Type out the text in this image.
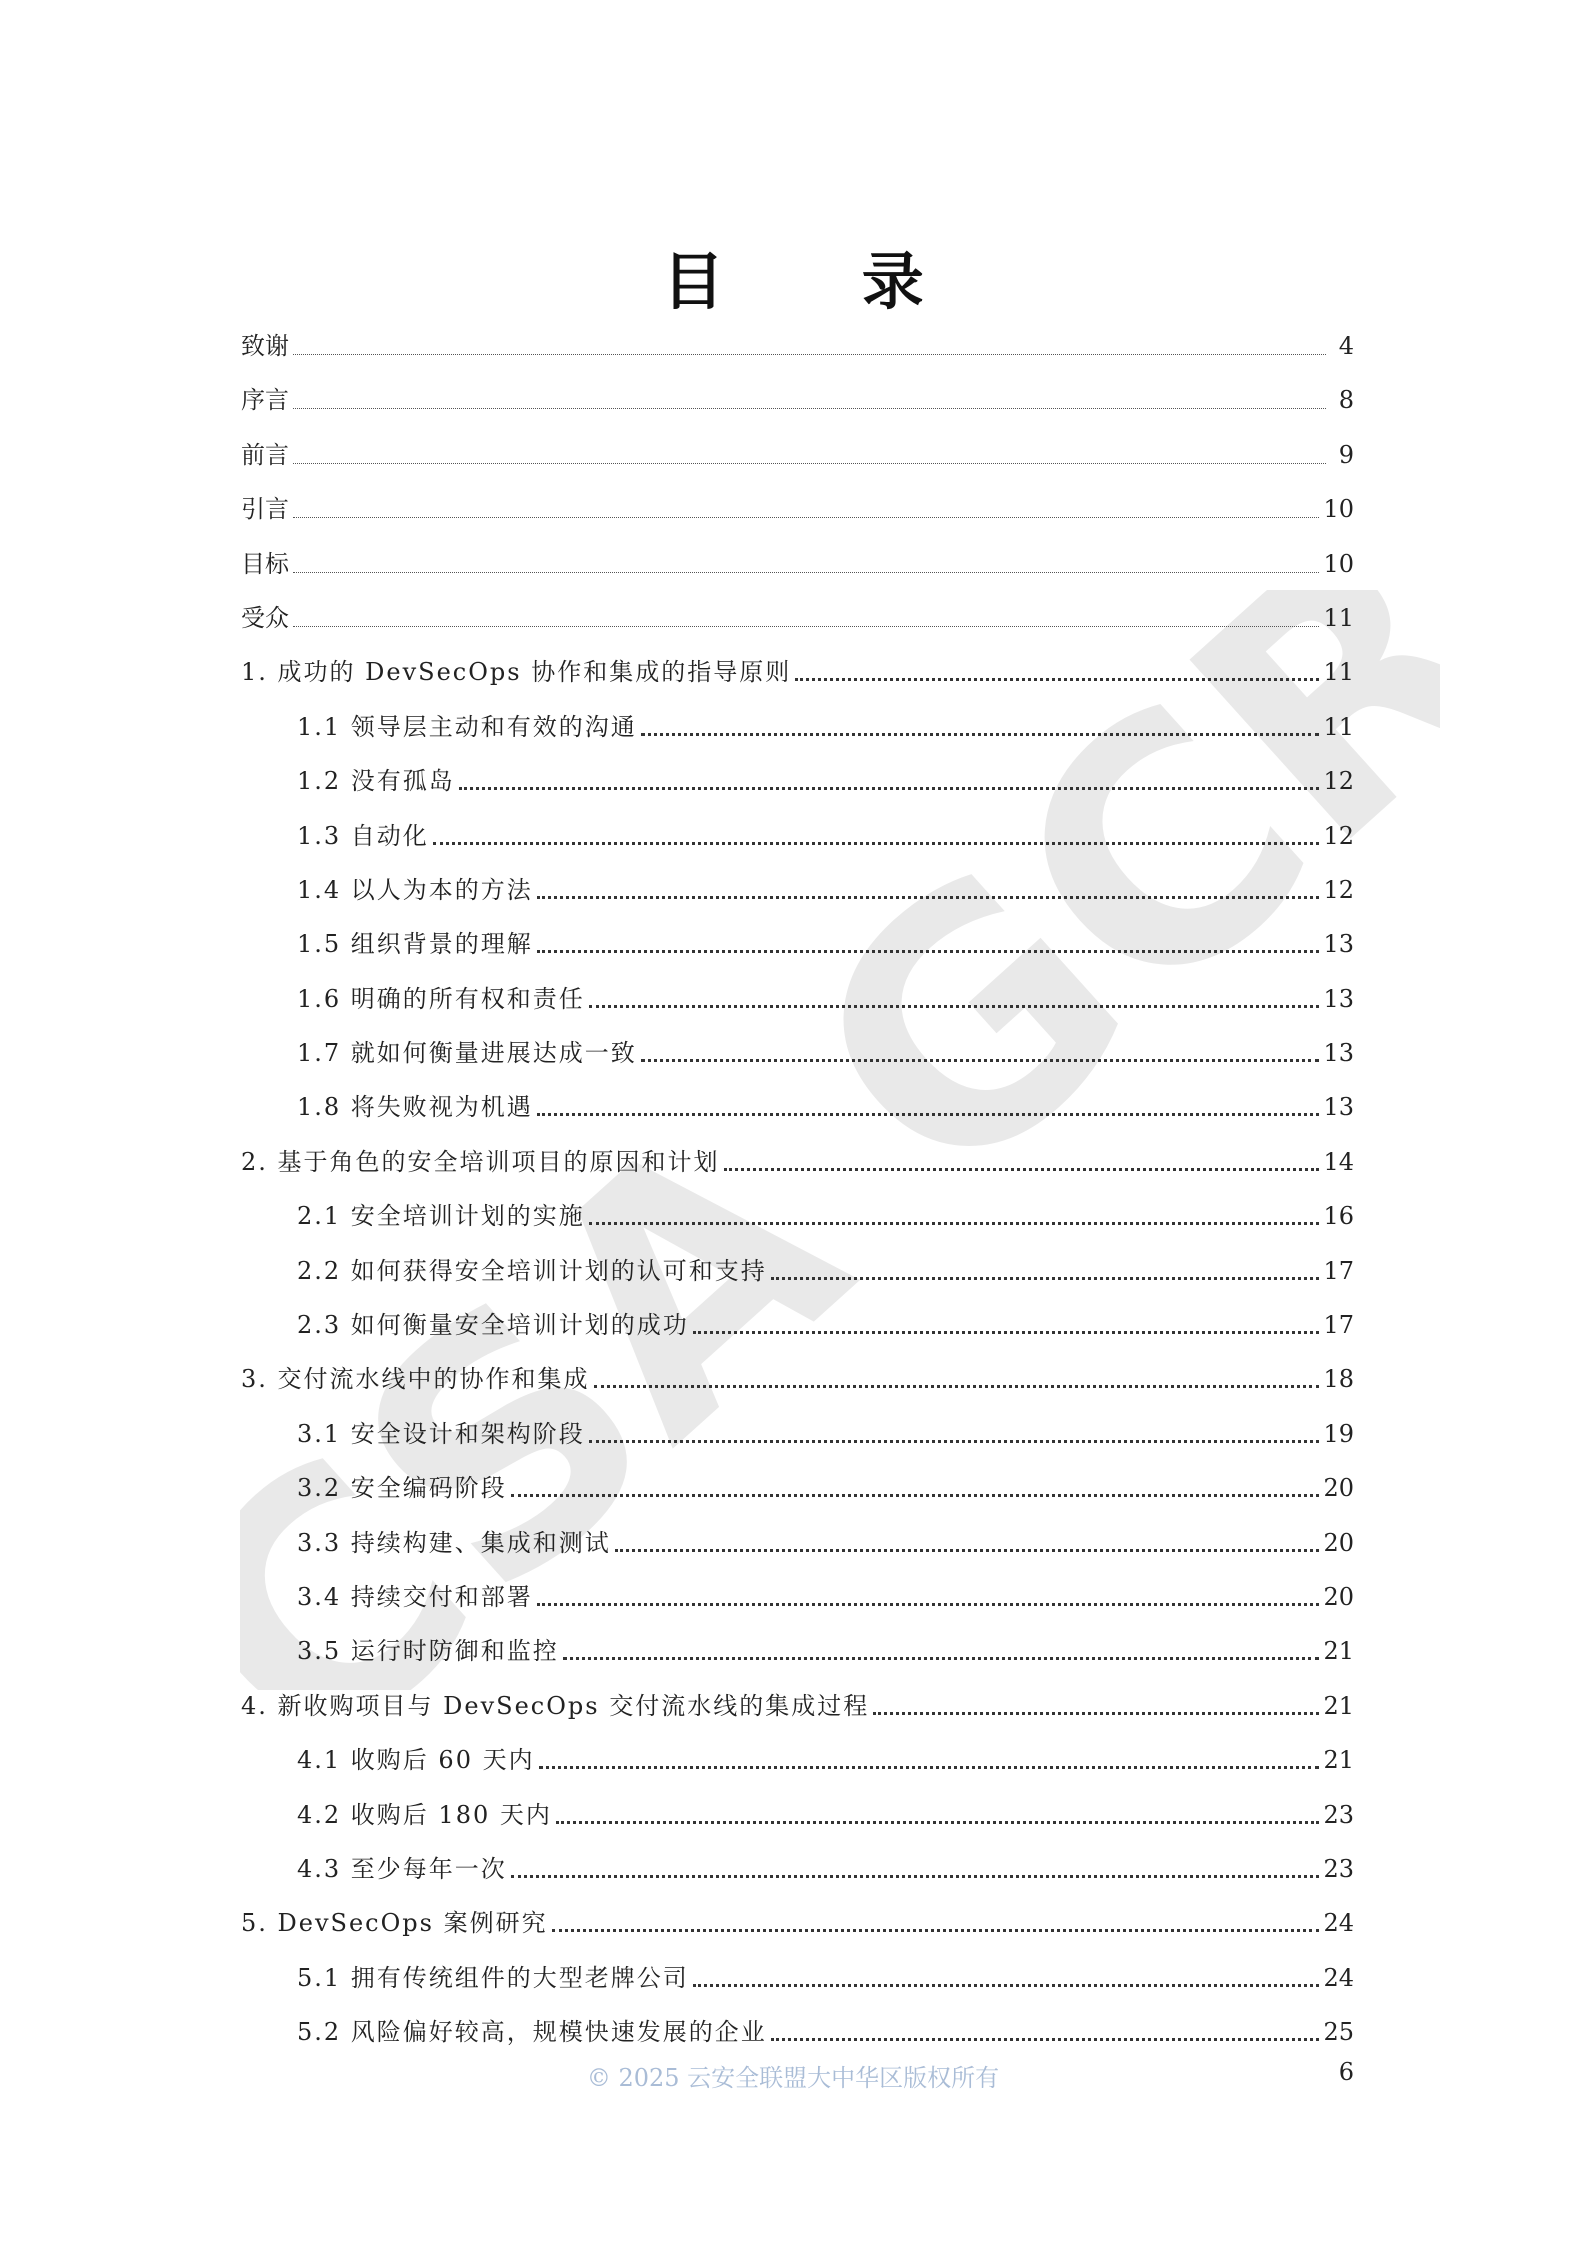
CSA GCR
目 录
致谢	4
序言	8
前言	9
引言	10
目标	10
受众	11
1. 成功的 DevSecOps 协作和集成的指导原则	11
1.1 领导层主动和有效的沟通	11
1.2 没有孤岛	12
1.3 自动化	12
1.4 以人为本的方法	12
1.5 组织背景的理解	13
1.6 明确的所有权和责任	13
1.7 就如何衡量进展达成一致	13
1.8 将失败视为机遇	13
2. 基于角色的安全培训项目的原因和计划	14
2.1 安全培训计划的实施	16
2.2 如何获得安全培训计划的认可和支持	17
2.3 如何衡量安全培训计划的成功	17
3. 交付流水线中的协作和集成	18
3.1 安全设计和架构阶段	19
3.2 安全编码阶段	20
3.3 持续构建、集成和测试	20
3.4 持续交付和部署	20
3.5 运行时防御和监控	21
4. 新收购项目与 DevSecOps 交付流水线的集成过程	21
4.1 收购后 60 天内	21
4.2 收购后 180 天内	23
4.3 至少每年一次	23
5. DevSecOps 案例研究	24
5.1 拥有传统组件的大型老牌公司	24
5.2 风险偏好较高，规模快速发展的企业	25
© 2025 云安全联盟大中华区版权所有	6
